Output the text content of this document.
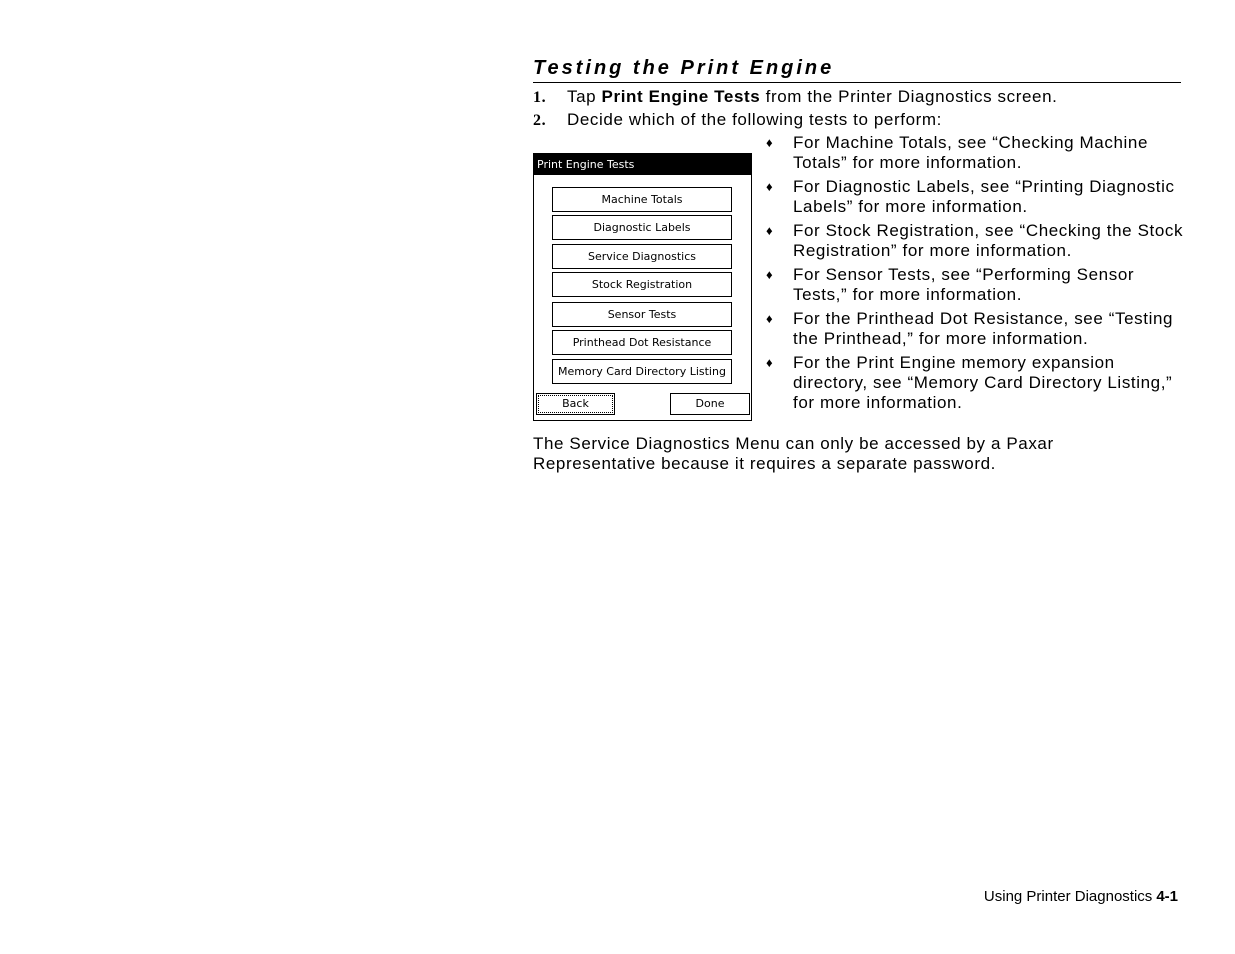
Testing the Print Engine
1. Tap Print Engine Tests from the Printer Diagnostics screen.
2. Decide which of the following tests to perform:
Print Engine Tests
Machine Totals
Diagnostic Labels
Service Diagnostics
Stock Registration
Sensor Tests
Printhead Dot Resistance
Memory Card Directory Listing
Back	Done
♦ For Machine Totals, see “Checking Machine Totals” for more information.
♦ For Diagnostic Labels, see “Printing Diagnostic Labels” for more information.
♦ For Stock Registration, see “Checking the Stock Registration” for more information.
♦ For Sensor Tests, see “Performing Sensor Tests,” for more information.
♦ For the Printhead Dot Resistance, see “Testing the Printhead,” for more information.
♦ For the Print Engine memory expansion directory, see “Memory Card Directory Listing,” for more information.
The Service Diagnostics Menu can only be accessed by a Paxar Representative because it requires a separate password.
Using Printer Diagnostics 4-1
